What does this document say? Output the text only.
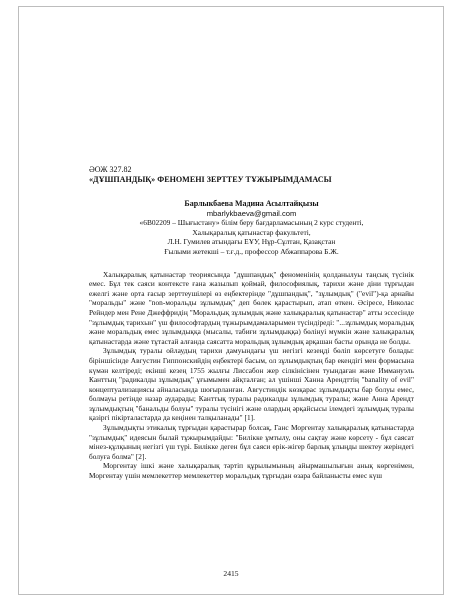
ӘОЖ 327.82

«ДҰШПАНДЫҚ» ФЕНОМЕНІ ЗЕРТТЕУ ТҰЖЫРЫМДАМАСЫ

Барлыкбаева Мадина Асылтайқызы
mbarlykbaeva@gmail.com
«6В02209 – Шығыстану» білім беру бағдарламасының 2 курс студенті,
Халықаралық қатынастар факультеті,
Л.Н. Гумилев атындағы ЕҰУ, Нұр-Сұлтан, Қазақстан
Ғылыми жетекші – т.ғ.д., профессор Абжаппарова Б.Ж.

Халықаралық қатынастар теориясында "дұшпандық" феноменінің қолданылуы таңсық түсінік емес. Бұл тек саяси контексте ғана жазылып қоймай, философиялық, тарихи және діни тұрғыдан ежелгі және орта ғасыр зерттеушілері өз еңбектерінде "дұшпандық", "зұлымдық" ("evil")-қа арнайы "моральды" және "non-моральды зұлымдық" деп бөлек қарастырып, атап өткен. Әсіресе, Николас Рейндер мен Рене Джеффридің "Моральдық зұлымдық және халықаралық қатынастар" атты эссесінде "зұлымдық тарихын" үш философтардың тұжырымдамаларымен түсіндіреді: "...зұлымдық моральдық және моральдық емес зұлымдыққа (мысалы, табиғи зұлымдыққа) бөлінуі мүмкін және халықаралық қатынастарда және тұтастай алғанда саясатта моральдық зұлымдық арқашан басты орында не болды.

Зұлымдық туралы ойлаудың тарихи дамуындағы үш негізгі кезеңді бөліп көрсетуге болады: біріншісінде Августин Гиппонскийдің еңбектері басым, ол зұлымдықтың бар екендігі мен формасына күмән келтіреді; екінші кезең 1755 жылғы Лиссабон жер сілкінісінен туындаған және Иммануэль Канттың "радикалды зұлымдық" ұғымымен айқталған; ал үшінші Ханна Арендттің "banality of evil" концептуализациясы айналасында шоғырланған. Августиндік көзқарас зұлымдықты бар болуы емес, болмауы ретінде назар аударады; Канттық туралы радикалды зұлымдық туралы; және Анна Арендт зұлымдықтың "банальды болуы" туралы түсінігі және олардың әрқайсысы ілемдегі зұлымдық туралы қазіргі пікірталастарда да кеңінен талқыланады" [1].

Зұлымдықты этикалық тұрғыдан қарастырар болсақ, Ганс Моргентау халықаралық қатынастарда "зұлымдық" идеясын былай тұжырымдайды: "Билікке ұмтылу, оны сақтау және көрсету - бұл саясат мінез-құлқының негізгі үш түрі. Билікке деген бұл саяси ерік-жігер барлық ұлыңды шектеу жеріндегі болуға болма" [2].

Моргентау ішкі және халықаралық тәртіп құрылымының айырмашылығын анық көргенімен, Моргентау үшін мемлекеттер мемлекеттер моральдық тұрғыдан өзара байланысты емес күш

2415
